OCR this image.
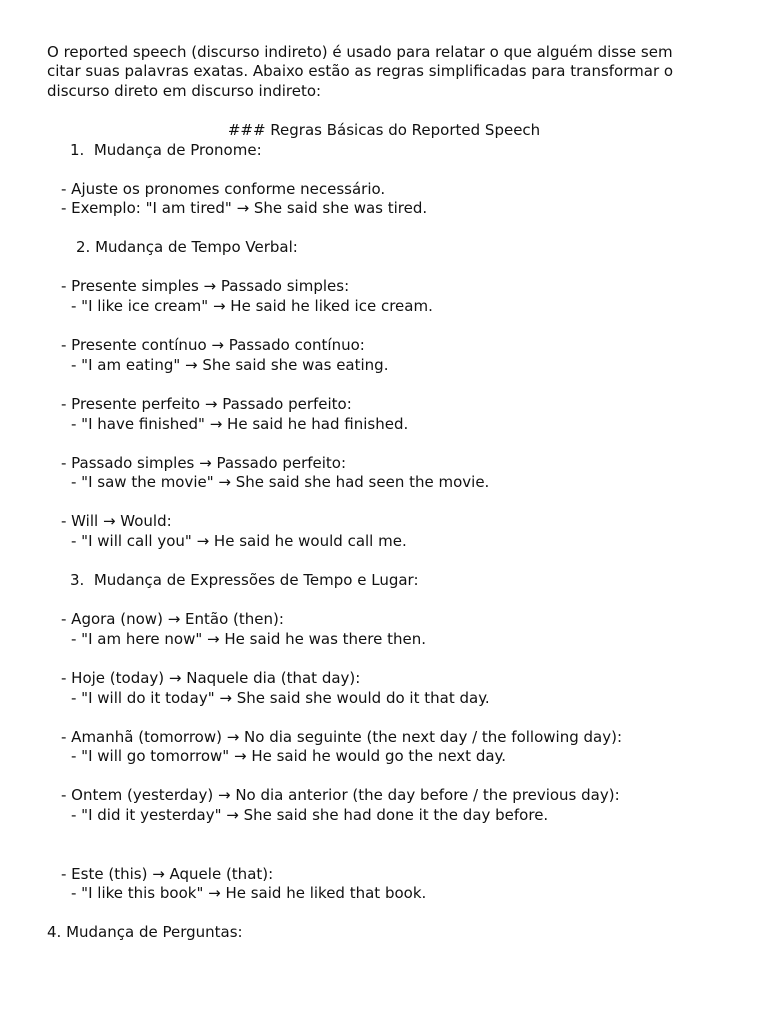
O reported speech (discurso indireto) é usado para relatar o que alguém disse sem
citar suas palavras exatas. Abaixo estão as regras simplificadas para transformar o
discurso direto em discurso indireto:
### Regras Básicas do Reported Speech
1.  Mudança de Pronome:
- Ajuste os pronomes conforme necessário.
- Exemplo: "I am tired" → She said she was tired.
2. Mudança de Tempo Verbal:
- Presente simples → Passado simples:
- "I like ice cream" → He said he liked ice cream.
- Presente contínuo → Passado contínuo:
- "I am eating" → She said she was eating.
- Presente perfeito → Passado perfeito:
- "I have finished" → He said he had finished.
- Passado simples → Passado perfeito:
- "I saw the movie" → She said she had seen the movie.
- Will → Would:
- "I will call you" → He said he would call me.
3.  Mudança de Expressões de Tempo e Lugar:
- Agora (now) → Então (then):
- "I am here now" → He said he was there then.
- Hoje (today) → Naquele dia (that day):
- "I will do it today" → She said she would do it that day.
- Amanhã (tomorrow) → No dia seguinte (the next day / the following day):
- "I will go tomorrow" → He said he would go the next day.
- Ontem (yesterday) → No dia anterior (the day before / the previous day):
- "I did it yesterday" → She said she had done it the day before.
- Este (this) → Aquele (that):
- "I like this book" → He said he liked that book.
4. Mudança de Perguntas:
